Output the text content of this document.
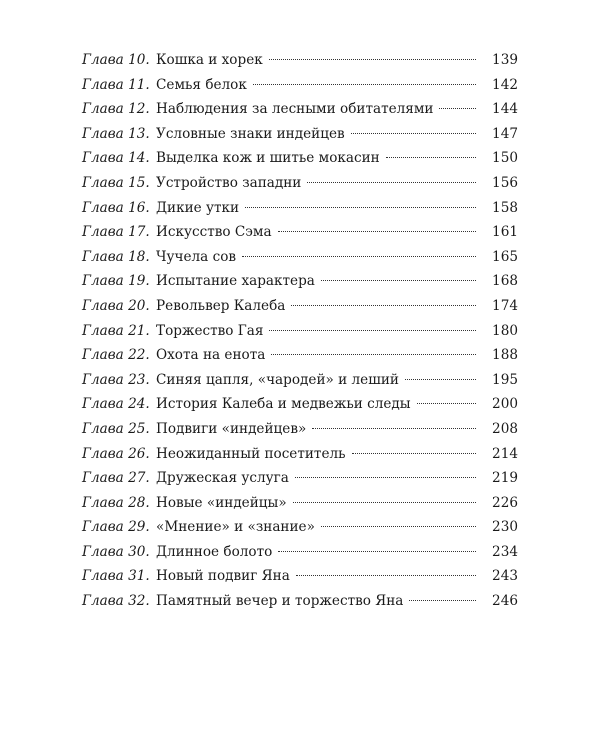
Глава 10. Кошка и хорек	139
Глава 11. Семья белок	142
Глава 12. Наблюдения за лесными обитателями	144
Глава 13. Условные знаки индейцев	147
Глава 14. Выделка кож и шитье мокасин	150
Глава 15. Устройство западни	156
Глава 16. Дикие утки	158
Глава 17. Искусство Сэма	161
Глава 18. Чучела сов	165
Глава 19. Испытание характера	168
Глава 20. Револьвер Калеба	174
Глава 21. Торжество Гая	180
Глава 22. Охота на енота	188
Глава 23. Синяя цапля, «чародей» и леший	195
Глава 24. История Калеба и медвежьи следы	200
Глава 25. Подвиги «индейцев»	208
Глава 26. Неожиданный посетитель	214
Глава 27. Дружеская услуга	219
Глава 28. Новые «индейцы»	226
Глава 29. «Мнение» и «знание»	230
Глава 30. Длинное болото	234
Глава 31. Новый подвиг Яна	243
Глава 32. Памятный вечер и торжество Яна	246
